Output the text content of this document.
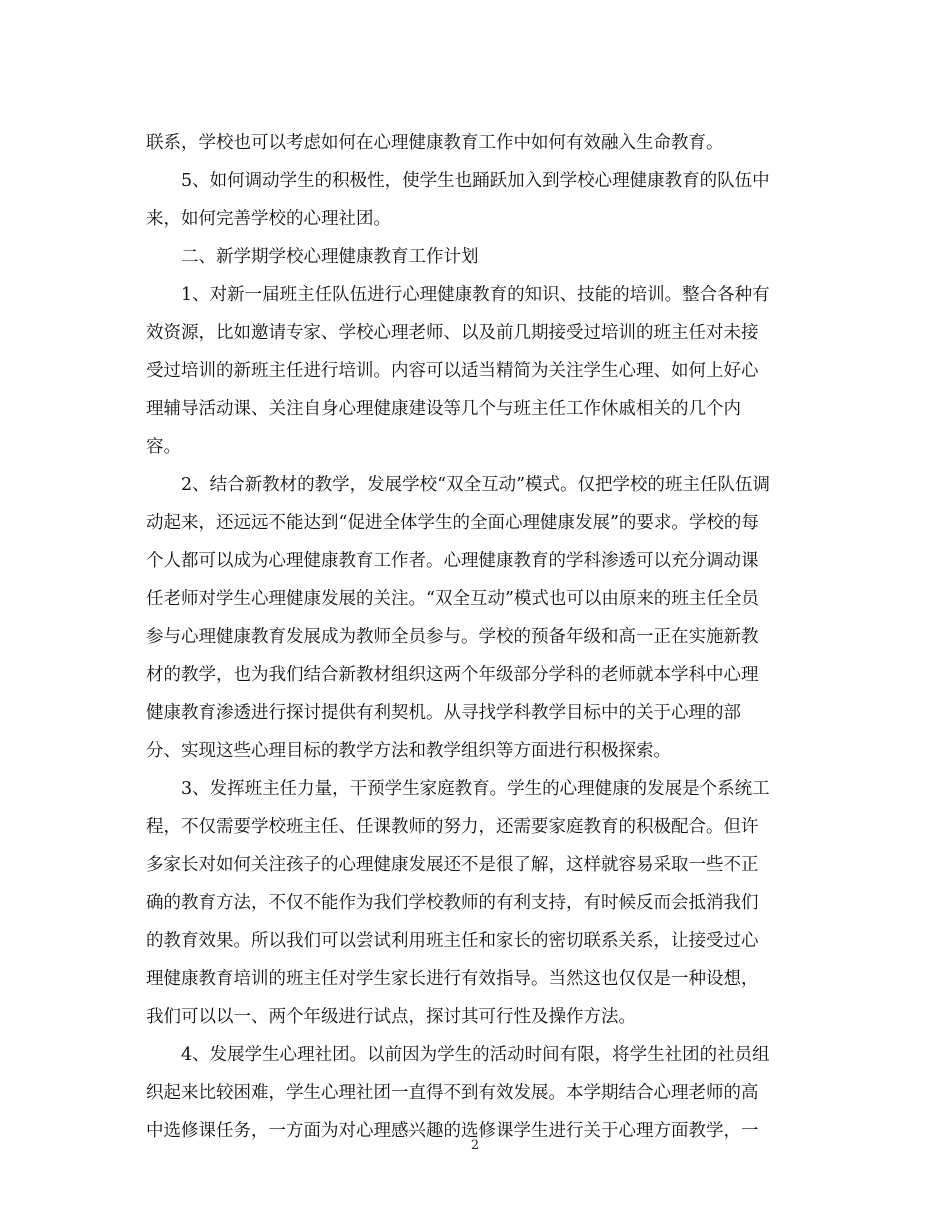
联系，学校也可以考虑如何在心理健康教育工作中如何有效融入生命教育。
5、如何调动学生的积极性，使学生也踊跃加入到学校心理健康教育的队伍中
来，如何完善学校的心理社团。
二、新学期学校心理健康教育工作计划
1、对新一届班主任队伍进行心理健康教育的知识、技能的培训。整合各种有
效资源，比如邀请专家、学校心理老师、以及前几期接受过培训的班主任对未接
受过培训的新班主任进行培训。内容可以适当精简为关注学生心理、如何上好心
理辅导活动课、关注自身心理健康建设等几个与班主任工作休戚相关的几个内
容。
2、结合新教材的教学，发展学校“双全互动”模式。仅把学校的班主任队伍调
动起来，还远远不能达到“促进全体学生的全面心理健康发展”的要求。学校的每
个人都可以成为心理健康教育工作者。心理健康教育的学科渗透可以充分调动课
任老师对学生心理健康发展的关注。“双全互动”模式也可以由原来的班主任全员
参与心理健康教育发展成为教师全员参与。学校的预备年级和高一正在实施新教
材的教学，也为我们结合新教材组织这两个年级部分学科的老师就本学科中心理
健康教育渗透进行探讨提供有利契机。从寻找学科教学目标中的关于心理的部
分、实现这些心理目标的教学方法和教学组织等方面进行积极探索。
3、发挥班主任力量，干预学生家庭教育。学生的心理健康的发展是个系统工
程，不仅需要学校班主任、任课教师的努力，还需要家庭教育的积极配合。但许
多家长对如何关注孩子的心理健康发展还不是很了解，这样就容易采取一些不正
确的教育方法，不仅不能作为我们学校教师的有利支持，有时候反而会抵消我们
的教育效果。所以我们可以尝试利用班主任和家长的密切联系关系，让接受过心
理健康教育培训的班主任对学生家长进行有效指导。当然这也仅仅是一种设想，
我们可以以一、两个年级进行试点，探讨其可行性及操作方法。
4、发展学生心理社团。以前因为学生的活动时间有限，将学生社团的社员组
织起来比较困难，学生心理社团一直得不到有效发展。本学期结合心理老师的高
中选修课任务，一方面为对心理感兴趣的选修课学生进行关于心理方面教学，一
2
